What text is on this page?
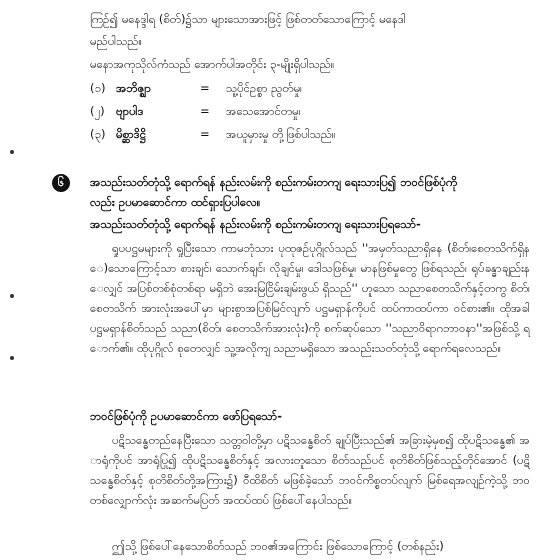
ကြဉ်၍ မနေဒ္ဒါရ (စိတ်)၌သာ များသောအားဖြင့် ဖြစ်တတ်သောကြောင့် မနေဒါ
မည်ပါသည်။

မနောအကုသိုလ်ကံသည် အောက်ပါအတိုင်း ၃-မျိုးရှိပါသည်။

(၁) အဘိဇ္ဈာ	= သူ့ပိုင်ဥစ္စာ ညွတ်မှု၊
(၂) ဗျာပါဒ	= အသေအောင်တမှု၊
(၃) မိစ္ဆာဒိဋ္ဌိ	= အယူမှားမှု တို့ဖြစ်ပါသည်။
၆	အသည်းသတ်တုံသို့ ရောက်ရန် နည်းလမ်းကို စည်းကမ်းတကျ ရေးသားပြ၍ ဘဝင်ဖြစ်ပုံကို
လည်း ဥပမာဆောင်ကာ ထင်ရှားပြပါလေ။

အသည်းသတ်တုံသို့ ရောက်ရန် နည်းလမ်းကို စည်းကမ်းတကျ ရေးသားပြရသော်-

ရှုပပဋ္ဌမများကို ရှုပြီးသော ကာမဘုံသား ပုထုဇဉ်ပုဂ္ဂိုလ်သည် ''အမှတ်သညာရှိနေ (စိတ်၊စေတသိက်ရှိနေ)သောကြောင့်သာ စားချင်၊ သောက်ချင်၊ လိုချင်မှု၊ ဒေါသဖြစ်မှု၊ မာနဖြစ်မှုတွေ ဖြစ်ရသည်၊ ရုပ်ခန္ဓာချည်းနေလျှင် အပြစ်တစ်စုံတစ်ရာ မရှိဘဲ အေးမြငြိမ်းချမ်းဖွယ် ရှိသည်'' ဟူသော သညာစေတသိက်နှင့်တကွ စိတ်၊ စေတသိက် အားလုံးအပေါ်မှာ များစွာအပြစ်မြင်လျက် ပဋ္ဌမရှာန်ကိုပင် ထပ်ကာထပ်ကာ ဝင်စား၏။ ထိုအခါ ပဋ္ဌမရှာန်စိတ်သည် သညာ(စိတ်၊ စေတသိက်အားလုံး)ကို စက်ဆုပ်သော ''သညာဝိရာဂဘာဝနာ''အဖြစ်သို့ ရောက်၏။ ထိုပုဂ္ဂိုလ် စုတေလျှင် သူ့အလိုကျ သညာမရှိသော အသည်းသတ်တုံသို့ ရောက်ရလေသည်။

ဘဝင်ဖြစ်ပုံကို ဥပမာဆောင်ကာ ဖော်ပြရသော်-

ပဋိသန္ဓေတည်နေပြီးသော သတ္တဝါတို့မှာ ပဋိသန္ဓေစိတ် ချုပ်ပြီးသည်၏ အခြားမဲ့မှစ၍ ထိုပဋိသန္ဓေ၏ အာရုံကိုပင် အာရုံပြု၍ ထိုပဋိသန္ဓေစိတ်နှင့် အလားတူသော စိတ်သည်ပင် စုတိစိတ်ဖြစ်သည့်တိုင်အောင် (ပဋိသန္ဓေစိတ်နှင့် စုတိစိတ်တို့အကြား၌) ဝီထိစိတ် မဖြစ်ခဲ့သော် ဘဝင်ကိစ္စတပ်လျက် မြစ်ရေအလျဉ်ကဲ့သို့ ဘဝတစ်လျှောက်လုံး အဆက်မပြတ် အထပ်ထပ် ဖြစ်ပေါ်နေပါသည်။

ဤသို့ ဖြစ်ပေါ်နေသောစိတ်သည် ဘဝ၏အကြောင်း ဖြစ်သောကြောင့် (တစ်နည်း)
